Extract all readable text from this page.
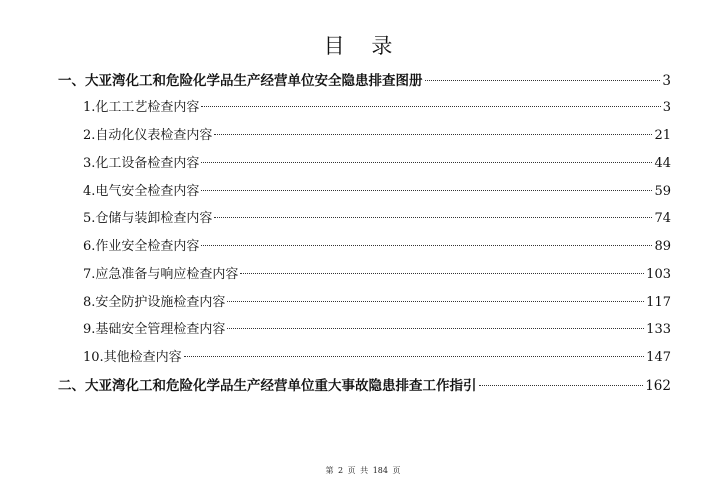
目 录
一、大亚湾化工和危险化学品生产经营单位安全隐患排查图册	3
1.化工工艺检查内容	3
2.自动化仪表检查内容	21
3.化工设备检查内容	44
4.电气安全检查内容	59
5.仓储与装卸检查内容	74
6.作业安全检查内容	89
7.应急准备与响应检查内容	103
8.安全防护设施检查内容	117
9.基础安全管理检查内容	133
10.其他检查内容	147
二、大亚湾化工和危险化学品生产经营单位重大事故隐患排查工作指引	162
第 2 页 共 184 页
